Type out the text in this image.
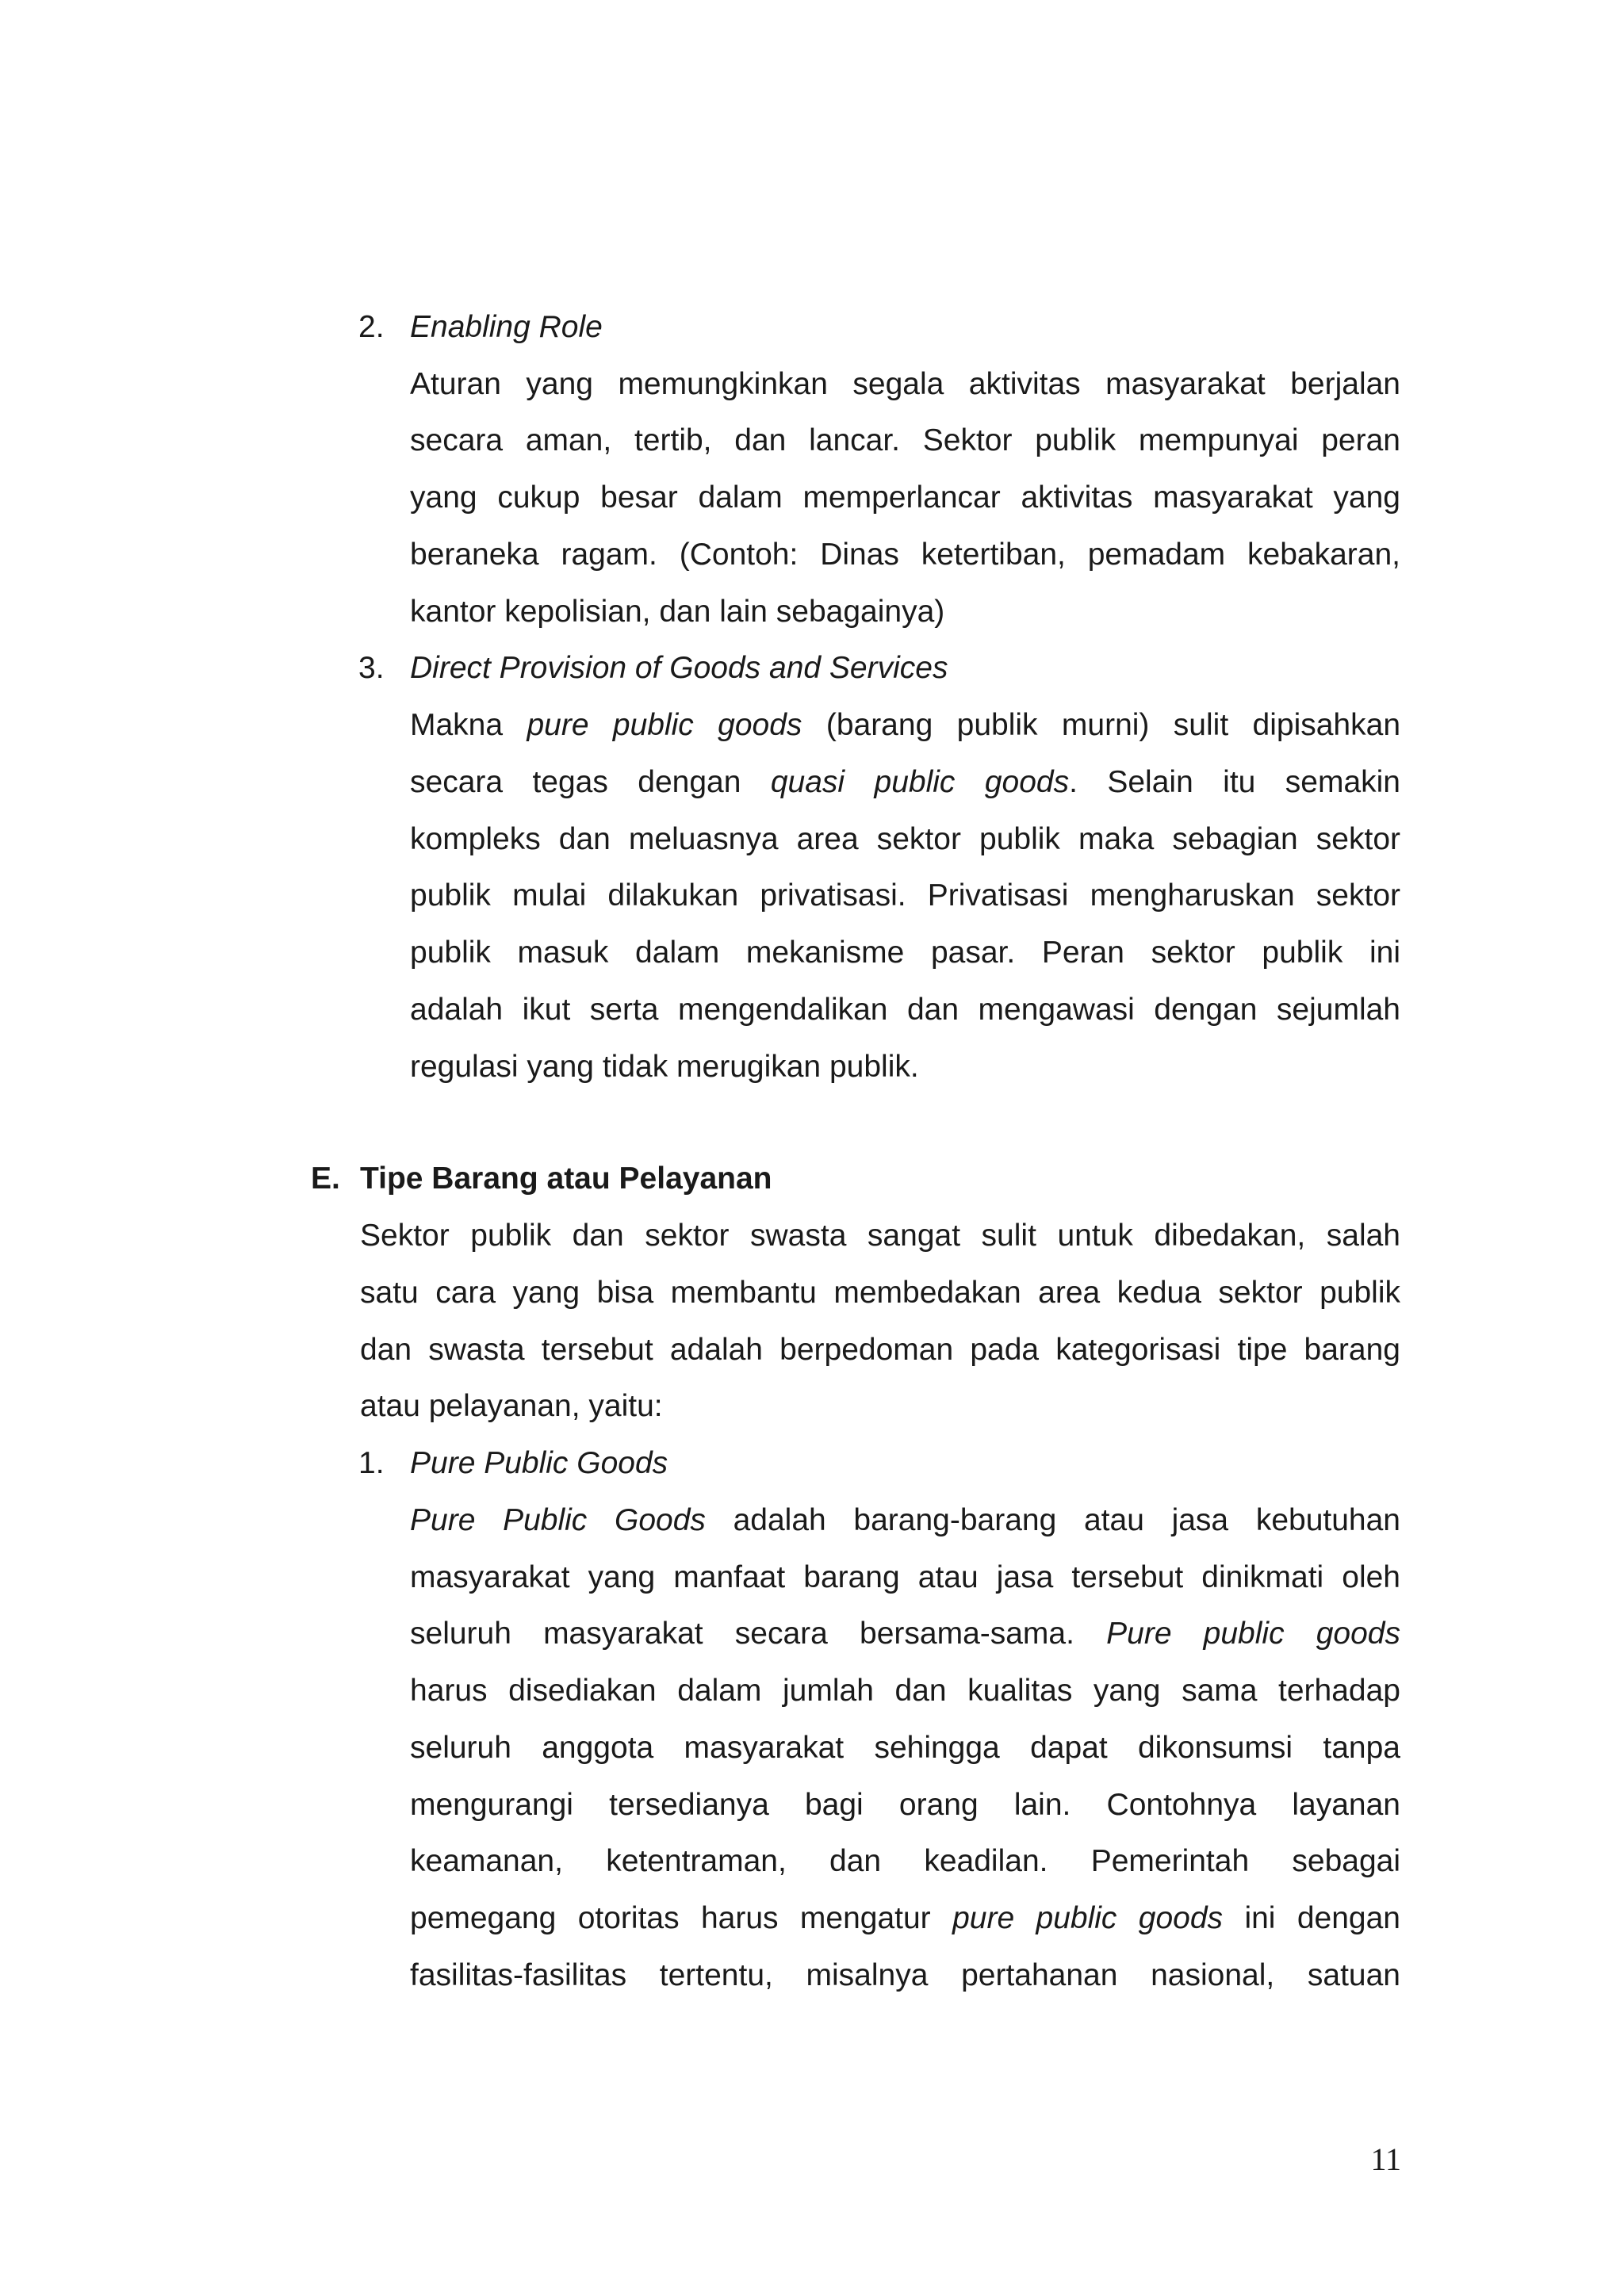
2. Enabling Role
Aturan yang memungkinkan segala aktivitas masyarakat berjalan
secara aman, tertib, dan lancar. Sektor publik mempunyai peran
yang cukup besar dalam memperlancar aktivitas masyarakat yang
beraneka ragam. (Contoh: Dinas ketertiban, pemadam kebakaran,
kantor kepolisian, dan lain sebagainya)
3. Direct Provision of Goods and Services
Makna pure public goods (barang publik murni) sulit dipisahkan
secara tegas dengan quasi public goods. Selain itu semakin
kompleks dan meluasnya area sektor publik maka sebagian sektor
publik mulai dilakukan privatisasi. Privatisasi mengharuskan sektor
publik masuk dalam mekanisme pasar. Peran sektor publik ini
adalah ikut serta mengendalikan dan mengawasi dengan sejumlah
regulasi yang tidak merugikan publik.
E. Tipe Barang atau Pelayanan
Sektor publik dan sektor swasta sangat sulit untuk dibedakan, salah
satu cara yang bisa membantu membedakan area kedua sektor publik
dan swasta tersebut adalah berpedoman pada kategorisasi tipe barang
atau pelayanan, yaitu:
1. Pure Public Goods
Pure Public Goods adalah barang-barang atau jasa kebutuhan
masyarakat yang manfaat barang atau jasa tersebut dinikmati oleh
seluruh masyarakat secara bersama-sama. Pure public goods
harus disediakan dalam jumlah dan kualitas yang sama terhadap
seluruh anggota masyarakat sehingga dapat dikonsumsi tanpa
mengurangi tersedianya bagi orang lain. Contohnya layanan
keamanan, ketentraman, dan keadilan. Pemerintah sebagai
pemegang otoritas harus mengatur pure public goods ini dengan
fasilitas-fasilitas tertentu, misalnya pertahanan nasional, satuan
11
